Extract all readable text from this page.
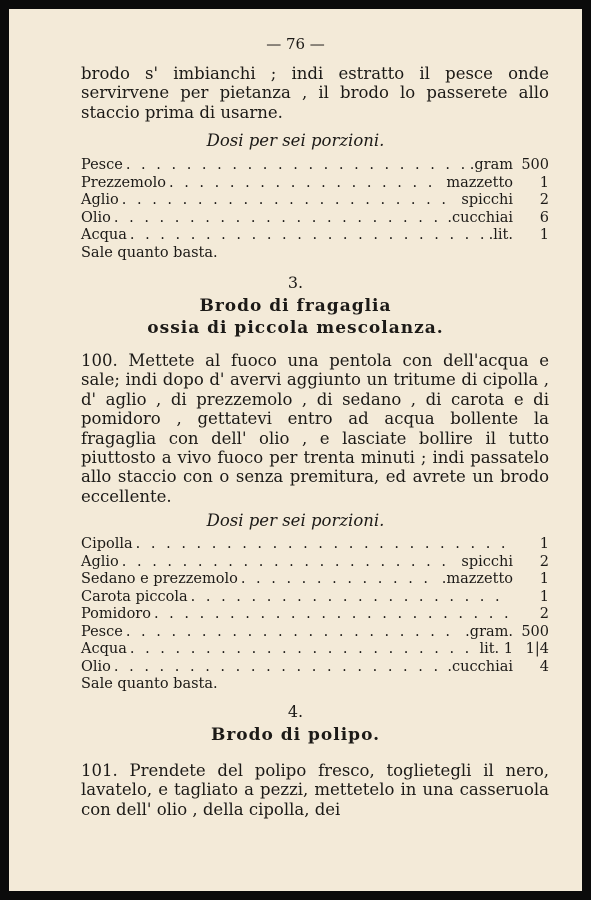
— 76 —

brodo s' imbianchi ; indi estratto il pesce onde servirvene per pietanza , il brodo lo passerete allo staccio prima di usarne.

Dosi per sei porzioni.
Pesce . . .	.gram 500
Prezzemolo . . .	mazzetto	1
Aglio . . .	spicchi	2
Olio . . .	.cucchiai	6
Acqua . . .	.lit.	1
Sale quanto basta.
3.
Brodo di fragaglia
ossia di piccola mescolanza.

100. Mettete al fuoco una pentola con dell'acqua e sale; indi dopo d' avervi aggiunto un tritume di cipolla , d' aglio , di prezzemolo , di sedano , di carota e di pomidoro , gettatevi entro ad acqua bollente la fragaglia con dell' olio , e lasciate bollire il tutto piuttosto a vivo fuoco per trenta minuti ; indi passatelo allo staccio con o senza premitura, ed avrete un brodo eccellente.

Dosi per sei porzioni.
Cipolla . . .	1
Aglio . . .	spicchi	2
Sedano e prezzemolo . . .	.mazzetto	1
Carota piccola . . .	1
Pomidoro . . .	2
Pesce . . .	.gram. 500
Acqua . . .	lit. 1 1|4
Olio . . .	.cucchiai	4
Sale quanto basta.
4.
Brodo di polipo.

101. Prendete del polipo fresco, toglietegli il nero, lavatelo, e tagliato a pezzi, mettetelo in una casseruola con dell' olio , della cipolla, dei
